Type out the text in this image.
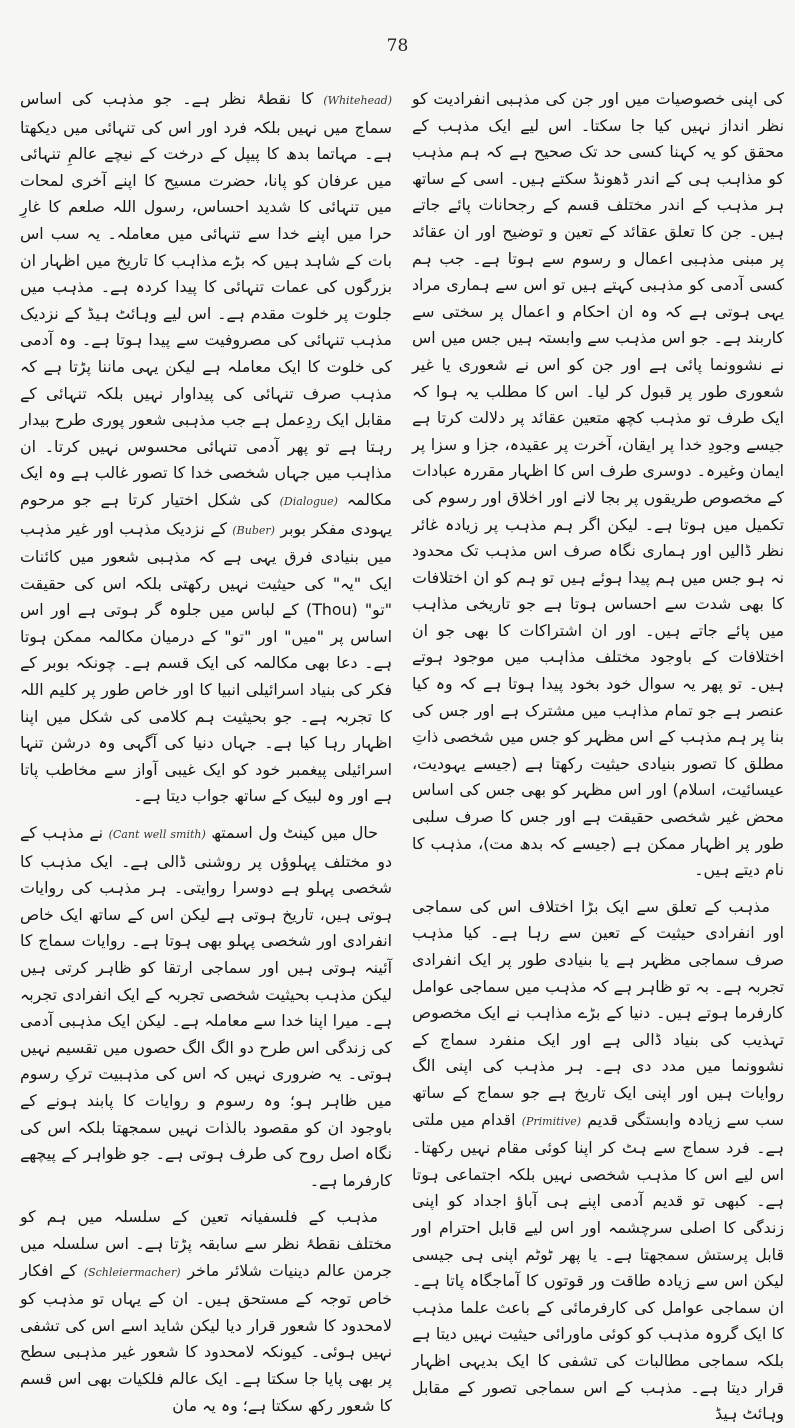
78

کی اپنی خصوصیات میں اور جن کی مذہبی انفرادیت کو نظر انداز نہیں کیا جا سکتا۔ اس لیے ایک مذہب کے محقق کو یہ کہنا کسی حد تک صحیح ہے کہ ہم مذہب کو مذاہب ہی کے اندر ڈھونڈ سکتے ہیں۔ اسی کے ساتھ ہر مذہب کے اندر مختلف قسم کے رجحانات پائے جاتے ہیں۔ جن کا تعلق عقائد کے تعین و توضیح اور ان عقائد پر مبنی مذہبی اعمال و رسوم سے ہوتا ہے۔ جب ہم کسی آدمی کو مذہبی کہتے ہیں تو اس سے ہماری مراد یہی ہوتی ہے کہ وہ ان احکام و اعمال پر سختی سے کاربند ہے۔ جو اس مذہب سے وابستہ ہیں جس میں اس نے نشوونما پائی ہے اور جن کو اس نے شعوری یا غیر شعوری طور پر قبول کر لیا۔ اس کا مطلب یہ ہوا کہ ایک طرف تو مذہب کچھ متعین عقائد پر دلالت کرتا ہے جیسے وجودِ خدا پر ایقان، آخرت پر عقیدہ، جزا و سزا پر ایمان وغیرہ۔ دوسری طرف اس کا اظہار مقررہ عبادات کے مخصوص طریقوں پر بجا لانے اور اخلاق اور رسوم کی تکمیل میں ہوتا ہے۔ لیکن اگر ہم مذہب پر زیادہ غائر نظر ڈالیں اور ہماری نگاہ صرف اس مذہب تک محدود نہ ہو جس میں ہم پیدا ہوئے ہیں تو ہم کو ان اختلافات کا بھی شدت سے احساس ہوتا ہے جو تاریخی مذاہب میں پائے جاتے ہیں۔ اور ان اشتراکات کا بھی جو ان اختلافات کے باوجود مختلف مذاہب میں موجود ہوتے ہیں۔ تو پھر یہ سوال خود بخود پیدا ہوتا ہے کہ وہ کیا عنصر ہے جو تمام مذاہب میں مشترک ہے اور جس کی بنا پر ہم مذہب کے اس مظہر کو جس میں شخصی ذاتِ مطلق کا تصور بنیادی حیثیت رکھتا ہے (جیسے یہودیت، عیسائیت، اسلام) اور اس مظہر کو بھی جس کی اساس محض غیر شخصی حقیقت ہے اور جس کا صرف سلبی طور پر اظہار ممکن ہے (جیسے کہ بدھ مت)، مذہب کا نام دیتے ہیں۔

مذہب کے تعلق سے ایک بڑا اختلاف اس کی سماجی اور انفرادی حیثیت کے تعین سے رہا ہے۔ کیا مذہب صرف سماجی مظہر ہے یا بنیادی طور پر ایک انفرادی تجربہ ہے۔ بہ تو ظاہر ہے کہ مذہب میں سماجی عوامل کارفرما ہوتے ہیں۔ دنیا کے بڑے مذاہب نے ایک مخصوص تہذیب کی بنیاد ڈالی ہے اور ایک منفرد سماج کے نشوونما میں مدد دی ہے۔ ہر مذہب کی اپنی الگ روایات ہیں اور اپنی ایک تاریخ ہے جو سماج کے ساتھ سب سے زیادہ وابستگی قدیم (Primitive) اقدام میں ملتی ہے۔ فرد سماج سے ہٹ کر اپنا کوئی مقام نہیں رکھتا۔ اس لیے اس کا مذہب شخصی نہیں بلکہ اجتماعی ہوتا ہے۔ کبھی تو قدیم آدمی اپنے ہی آباؤ اجداد کو اپنی زندگی کا اصلی سرچشمہ اور اس لیے قابل احترام اور قابل پرستش سمجھتا ہے۔ یا پھر ٹوٹم اپنی ہی جیسی لیکن اس سے زیادہ طاقت ور قوتوں کا آماجگاہ پاتا ہے۔ ان سماجی عوامل کی کارفرمائی کے باعث علما مذہب کا ایک گروہ مذہب کو کوئی ماورائی حیثیت نہیں دیتا ہے بلکہ سماجی مطالبات کی تشفی کا ایک بدیہی اظہار قرار دیتا ہے۔ مذہب کے اس سماجی تصور کے مقابل وہائٹ ہیڈ

(Whitehead) کا نقطۂ نظر ہے۔ جو مذہب کی اساس سماج میں نہیں بلکہ فرد اور اس کی تنہائی میں دیکھتا ہے۔ مہاتما بدھ کا پیپل کے درخت کے نیچے عالمِ تنہائی میں عرفان کو پانا، حضرت مسیح کا اپنے آخری لمحات میں تنہائی کا شدید احساس، رسول اللہ صلعم کا غارِ حرا میں اپنے خدا سے تنہائی میں معاملہ۔ یہ سب اس بات کے شاہد ہیں کہ بڑے مذاہب کا تاریخ میں اظہار ان بزرگوں کی عمات تنہائی کا پیدا کردہ ہے۔ مذہب میں جلوت پر خلوت مقدم ہے۔ اس لیے وہائٹ ہیڈ کے نزدیک مذہب تنہائی کی مصروفیت سے پیدا ہوتا ہے۔ وہ آدمی کی خلوت کا ایک معاملہ ہے لیکن یہی ماننا پڑتا ہے کہ مذہب صرف تنہائی کی پیداوار نہیں بلکہ تنہائی کے مقابل ایک ردِعمل ہے جب مذہبی شعور پوری طرح بیدار رہتا ہے تو پھر آدمی تنہائی محسوس نہیں کرتا۔ ان مذاہب میں جہاں شخصی خدا کا تصور غالب ہے وہ ایک مکالمہ (Dialogue) کی شکل اختیار کرتا ہے جو مرحوم یہودی مفکر بوبر (Buber) کے نزدیک مذہب اور غیر مذہب میں بنیادی فرق یہی ہے کہ مذہبی شعور میں کائنات ایک "یہ" کی حیثیت نہیں رکھتی بلکہ اس کی حقیقت "تو" (Thou) کے لباس میں جلوہ گر ہوتی ہے اور اس اساس پر "میں" اور "تو" کے درمیان مکالمہ ممکن ہوتا ہے۔ دعا بھی مکالمہ کی ایک قسم ہے۔ چونکہ بوبر کے فکر کی بنیاد اسرائیلی انبیا کا اور خاص طور پر کلیم اللہ کا تجربہ ہے۔ جو بحیثیت ہم کلامی کی شکل میں اپنا اظہار رہا کیا ہے۔ جہاں دنیا کی آگہی وہ درشن تنہا اسرائیلی پیغمبر خود کو ایک غیبی آواز سے مخاطب پاتا ہے اور وہ لبیک کے ساتھ جواب دیتا ہے۔

حال میں کینٹ ول اسمتھ (Cant well smith) نے مذہب کے دو مختلف پہلوؤں پر روشنی ڈالی ہے۔ ایک مذہب کا شخصی پہلو ہے دوسرا روایتی۔ ہر مذہب کی روایات ہوتی ہیں، تاریخ ہوتی ہے لیکن اس کے ساتھ ایک خاص انفرادی اور شخصی پہلو بھی ہوتا ہے۔ روایات سماج کا آئینہ ہوتی ہیں اور سماجی ارتقا کو ظاہر کرتی ہیں لیکن مذہب بحیثیت شخصی تجربہ کے ایک انفرادی تجربہ ہے۔ میرا اپنا خدا سے معاملہ ہے۔ لیکن ایک مذہبی آدمی کی زندگی اس طرح دو الگ الگ حصوں میں تقسیم نہیں ہوتی۔ یہ ضروری نہیں کہ اس کی مذہبیت ترکِ رسوم میں ظاہر ہو؛ وہ رسوم و روایات کا پابند ہونے کے باوجود ان کو مقصود بالذات نہیں سمجھتا بلکہ اس کی نگاہ اصل روح کی طرف ہوتی ہے۔ جو ظواہر کے پیچھے کارفرما ہے۔

مذہب کے فلسفیانہ تعین کے سلسلہ میں ہم کو مختلف نقطۂ نظر سے سابقہ پڑتا ہے۔ اس سلسلہ میں جرمن عالم دینیات شلائر ماخر (Schleiermacher) کے افکار خاص توجہ کے مستحق ہیں۔ ان کے یہاں تو مذہب کو لامحدود کا شعور قرار دیا لیکن شاید اسے اس کی تشفی نہیں ہوئی۔ کیونکہ لامحدود کا شعور غیر مذہبی سطح پر بھی پایا جا سکتا ہے۔ ایک عالم فلکیات بھی اس قسم کا شعور رکھ سکتا ہے؛ وہ یہ مان
